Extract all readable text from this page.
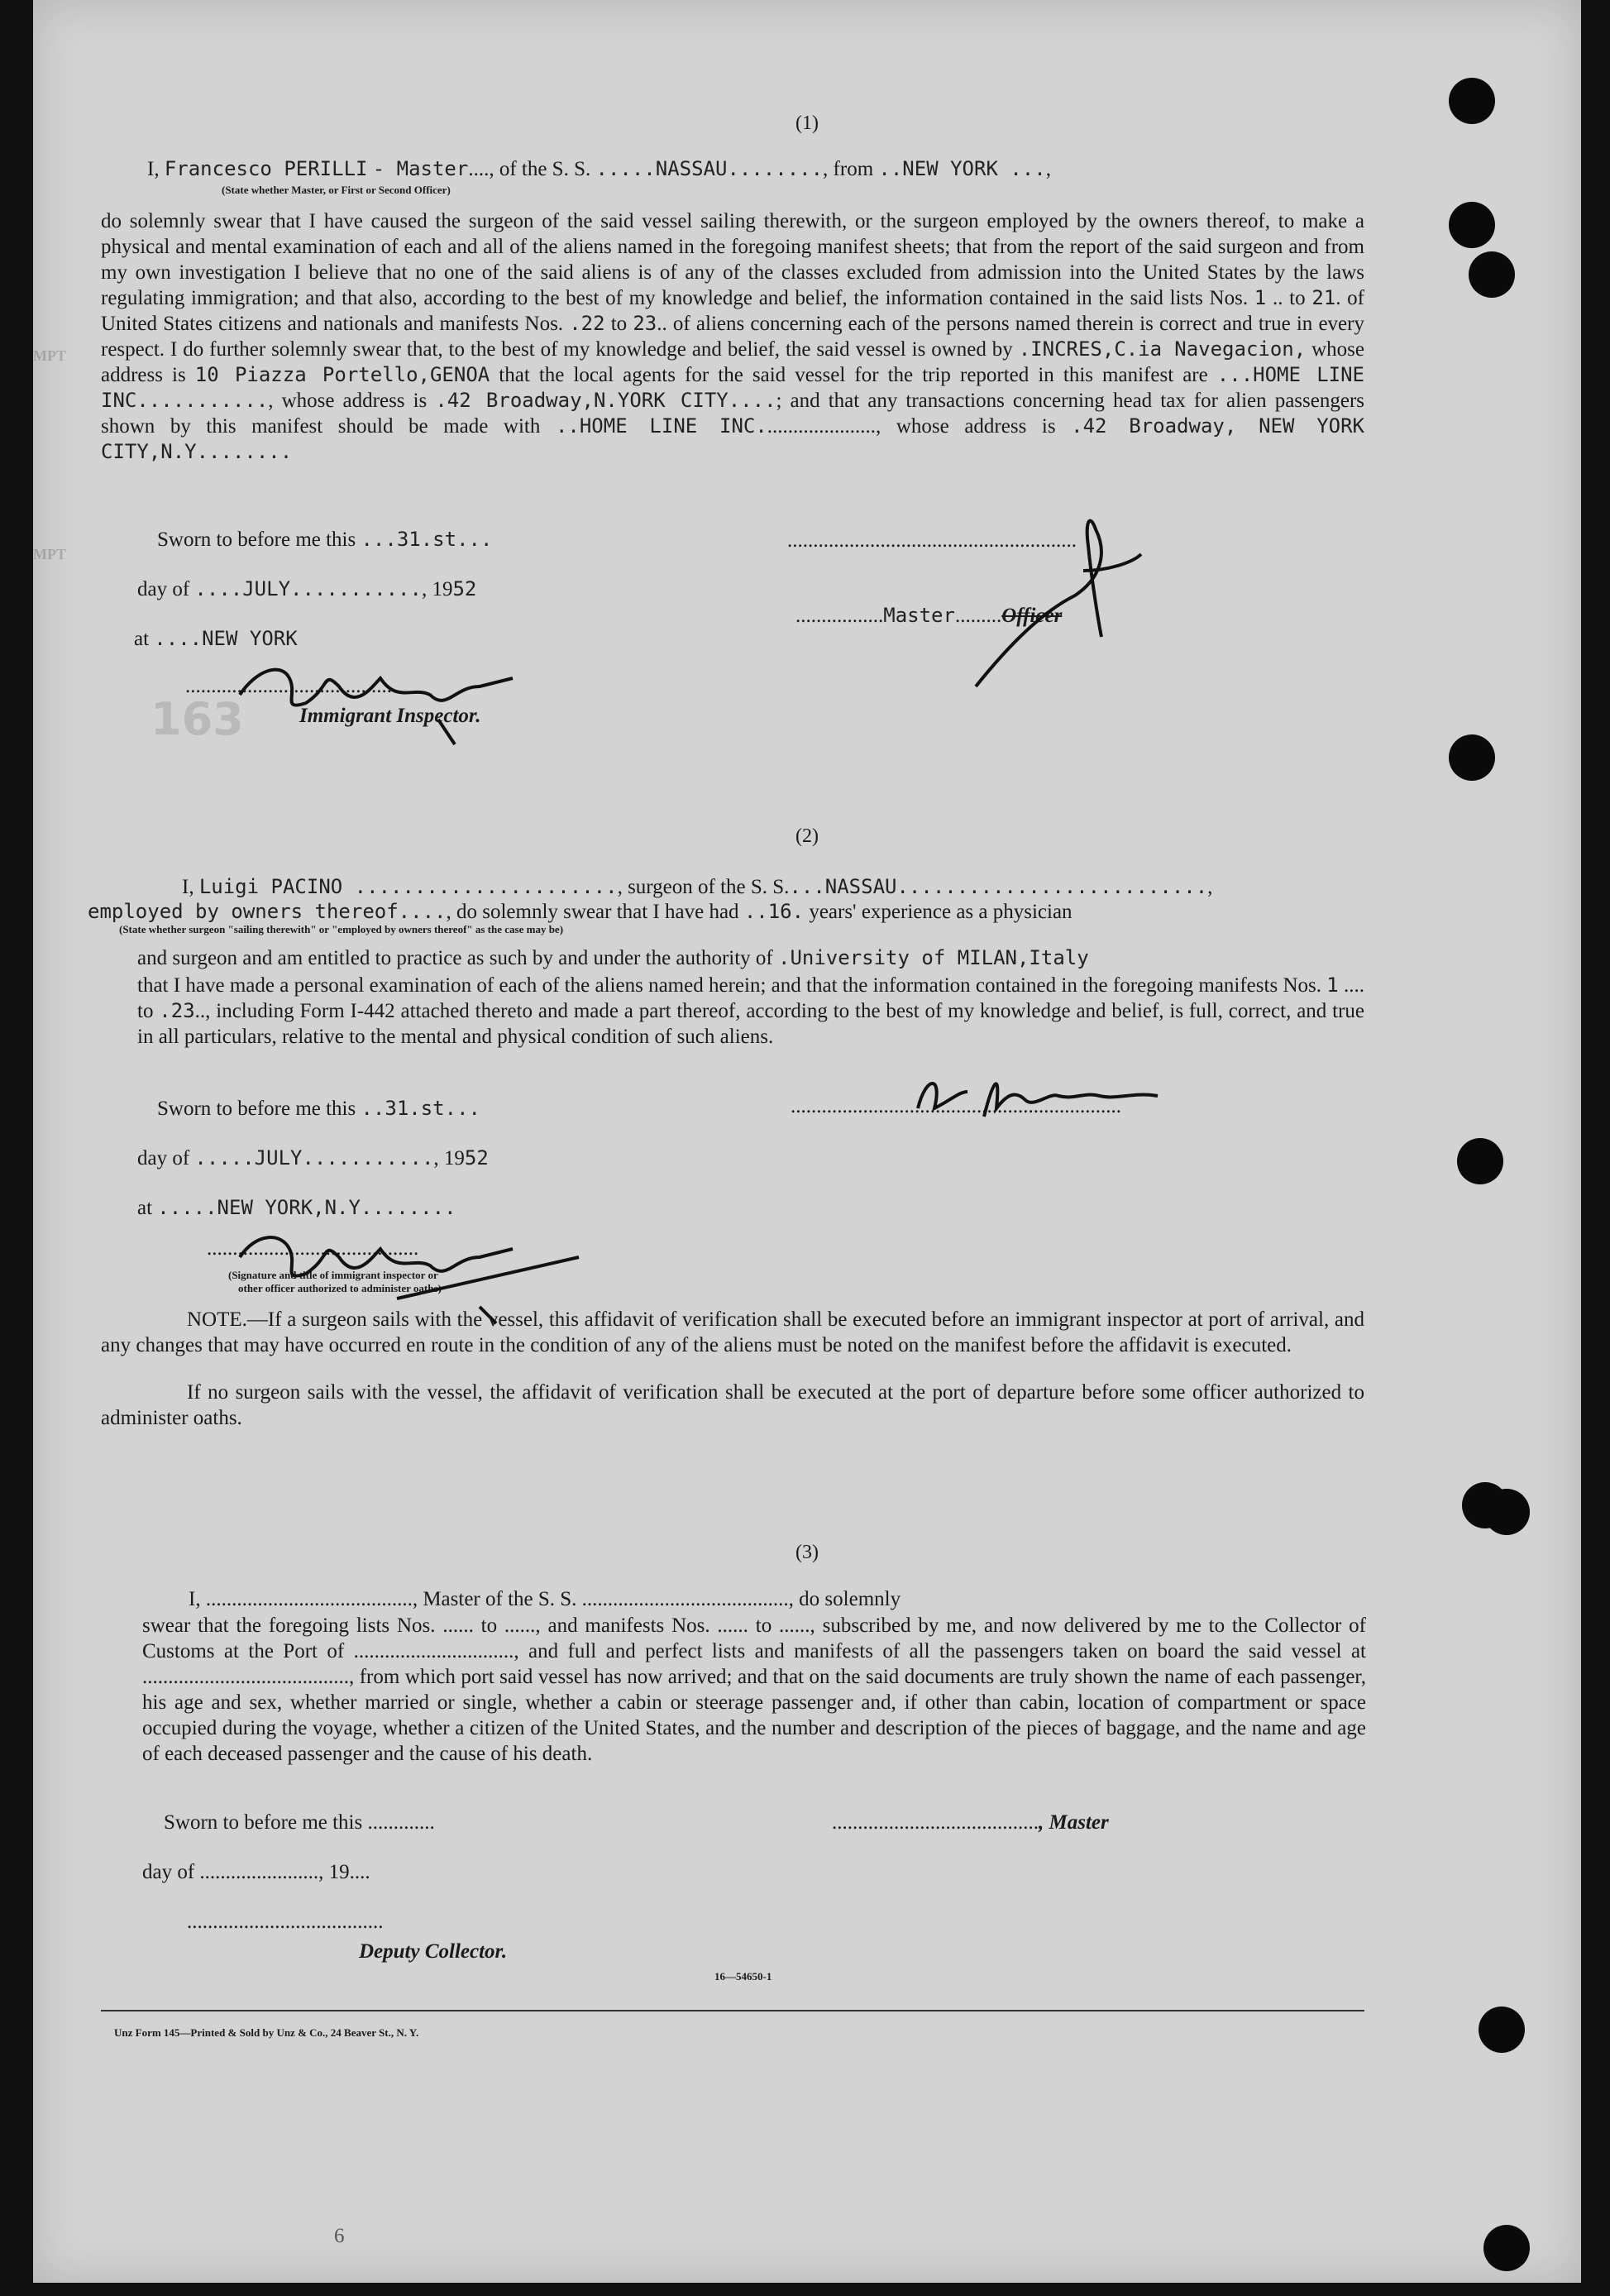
MPT
MPT
163
(1)
I, Francesco PERILLI - Master...., of the S. S. .....NASSAU........, from ..NEW YORK ...,
(State whether Master, or First or Second Officer)
do solemnly swear that I have caused the surgeon of the said vessel sailing therewith, or the surgeon employed by the owners thereof, to make a physical and mental examination of each and all of the aliens named in the foregoing manifest sheets; that from the report of the said surgeon and from my own investigation I believe that no one of the said aliens is of any of the classes excluded from admission into the United States by the laws regulating immigration; and that also, according to the best of my knowledge and belief, the information contained in the said lists Nos. 1 .. to 21. of United States citizens and nationals and manifests Nos. .22 to 23.. of aliens concerning each of the persons named therein is correct and true in every respect. I do further solemnly swear that, to the best of my knowledge and belief, the said vessel is owned by .INCRES,C.ia Navegacion, whose address is 10 Piazza Portello,GENOA that the local agents for the said vessel for the trip reported in this manifest are ...HOME LINE INC..........., whose address is .42 Broadway,N.YORK CITY....; and that any transactions concerning head tax for alien passengers shown by this manifest should be made with ..HOME LINE INC......................, whose address is .42 Broadway, NEW YORK CITY,N.Y........
Sworn to before me this ...31.st...
day of ....JULY..........., 1952
at ....NEW YORK
........................................
Immigrant Inspector.
........................................................
.................Master.........Officer
(2)
I, Luigi PACINO ......................, surgeon of the S. S....NASSAU..........................,
employed by owners thereof...., do solemnly swear that I have had ..16. years' experience as a physician
(State whether surgeon "sailing therewith" or "employed by owners thereof" as the case may be)
and surgeon and am entitled to practice as such by and under the authority of .University of MILAN,Italy
that I have made a personal examination of each of the aliens named herein; and that the information contained in the foregoing manifests Nos. 1 .... to .23.., including Form I-442 attached thereto and made a part thereof, according to the best of my knowledge and belief, is full, correct, and true in all particulars, relative to the mental and physical condition of such aliens.
Sworn to before me this ..31.st...
day of .....JULY..........., 1952
at .....NEW YORK,N.Y........
.........................................
(Signature and title of immigrant inspector or
other officer authorized to administer oaths)
................................................................
NOTE.—If a surgeon sails with the vessel, this affidavit of verification shall be executed before an immigrant inspector at port of arrival, and any changes that may have occurred en route in the condition of any of the aliens must be noted on the manifest before the affidavit is executed.
If no surgeon sails with the vessel, the affidavit of verification shall be executed at the port of departure before some officer authorized to administer oaths.
(3)
I, ........................................, Master of the S. S. ........................................, do solemnly
swear that the foregoing lists Nos. ...... to ......, and manifests Nos. ...... to ......, subscribed by me, and now delivered by me to the Collector of Customs at the Port of ..............................., and full and perfect lists and manifests of all the passengers taken on board the said vessel at ........................................, from which port said vessel has now arrived; and that on the said documents are truly shown the name of each passenger, his age and sex, whether married or single, whether a cabin or steerage passenger and, if other than cabin, location of compartment or space occupied during the voyage, whether a citizen of the United States, and the number and description of the pieces of baggage, and the name and age of each deceased passenger and the cause of his death.
Sworn to before me this .............	........................................, Master
day of ......................., 19....
......................................
Deputy Collector.
16—54650-1
Unz Form 145—Printed & Sold by Unz & Co., 24 Beaver St., N. Y.
6
